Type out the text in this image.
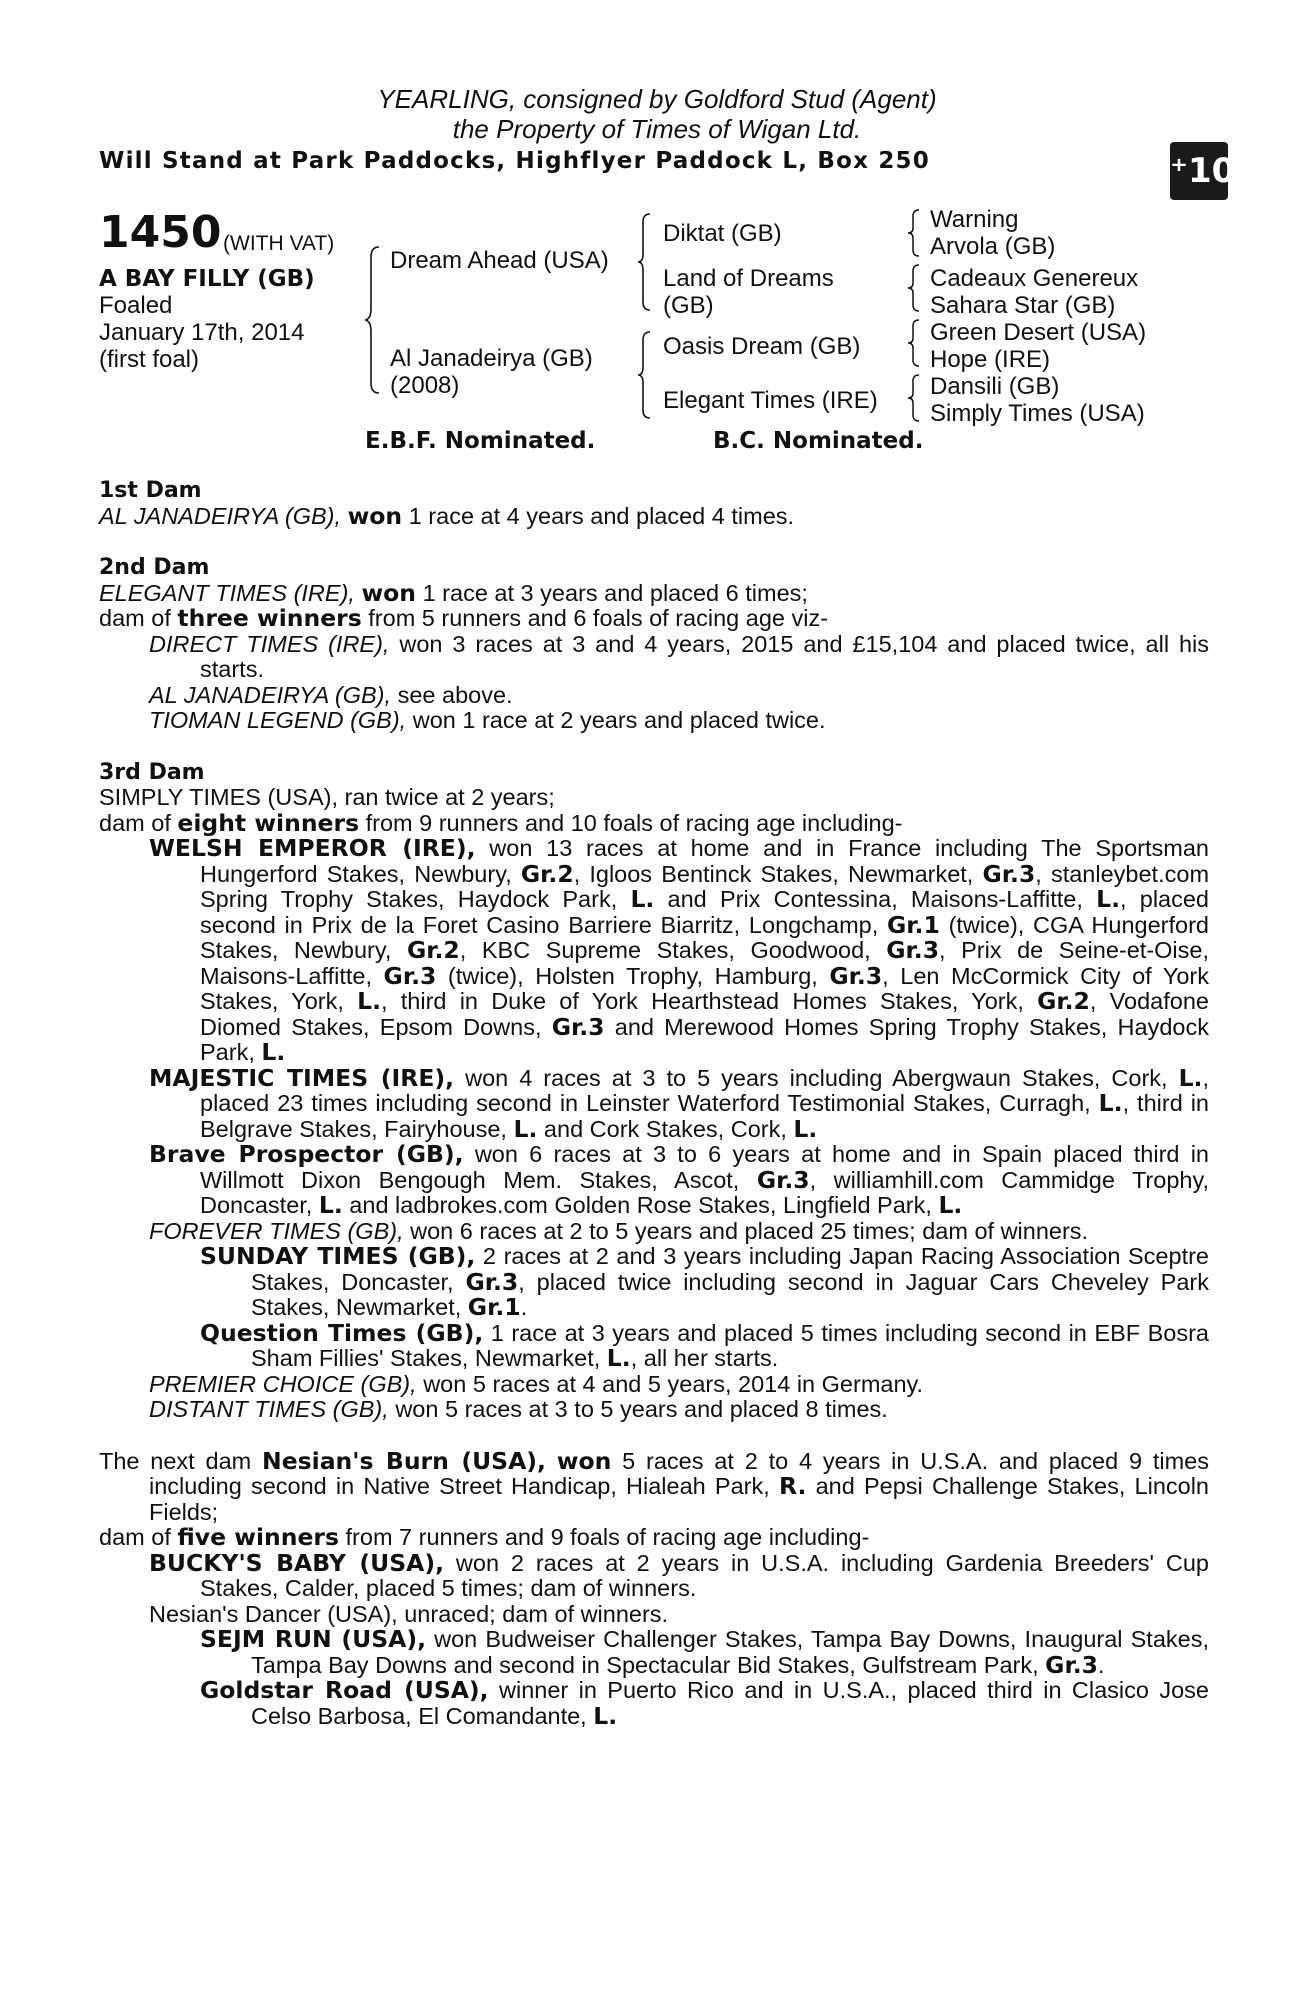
YEARLING, consigned by Goldford Stud (Agent)
the Property of Times of Wigan Ltd.
Will Stand at Park Paddocks, Highflyer Paddock L, Box 250	⁺10
1450 (WITH VAT)
A BAY FILLY (GB)
Foaled
January 17th, 2014
(first foal)
Dream Ahead (USA)
Al Janadeirya (GB)
(2008)
Diktat (GB)
Land of Dreams
(GB)
Oasis Dream (GB)
Elegant Times (IRE)
Warning
Arvola (GB)
Cadeaux Genereux
Sahara Star (GB)
Green Desert (USA)
Hope (IRE)
Dansili (GB)
Simply Times (USA)
E.B.F. Nominated.	B.C. Nominated.
1st Dam
AL JANADEIRYA (GB), won 1 race at 4 years and placed 4 times.
2nd Dam
ELEGANT TIMES (IRE), won 1 race at 3 years and placed 6 times;
dam of three winners from 5 runners and 6 foals of racing age viz-
DIRECT TIMES (IRE), won 3 races at 3 and 4 years, 2015 and £15,104 and placed twice, all his starts.
AL JANADEIRYA (GB), see above.
TIOMAN LEGEND (GB), won 1 race at 2 years and placed twice.
3rd Dam
SIMPLY TIMES (USA), ran twice at 2 years;
dam of eight winners from 9 runners and 10 foals of racing age including-
WELSH EMPEROR (IRE), won 13 races at home and in France including The Sportsman Hungerford Stakes, Newbury, Gr.2, Igloos Bentinck Stakes, Newmarket, Gr.3, stanleybet.com Spring Trophy Stakes, Haydock Park, L. and Prix Contessina, Maisons-Laffitte, L., placed second in Prix de la Foret Casino Barriere Biarritz, Longchamp, Gr.1 (twice), CGA Hungerford Stakes, Newbury, Gr.2, KBC Supreme Stakes, Goodwood, Gr.3, Prix de Seine-et-Oise, Maisons-Laffitte, Gr.3 (twice), Holsten Trophy, Hamburg, Gr.3, Len McCormick City of York Stakes, York, L., third in Duke of York Hearthstead Homes Stakes, York, Gr.2, Vodafone Diomed Stakes, Epsom Downs, Gr.3 and Merewood Homes Spring Trophy Stakes, Haydock Park, L.
MAJESTIC TIMES (IRE), won 4 races at 3 to 5 years including Abergwaun Stakes, Cork, L., placed 23 times including second in Leinster Waterford Testimonial Stakes, Curragh, L., third in Belgrave Stakes, Fairyhouse, L. and Cork Stakes, Cork, L.
Brave Prospector (GB), won 6 races at 3 to 6 years at home and in Spain placed third in Willmott Dixon Bengough Mem. Stakes, Ascot, Gr.3, williamhill.com Cammidge Trophy, Doncaster, L. and ladbrokes.com Golden Rose Stakes, Lingfield Park, L.
FOREVER TIMES (GB), won 6 races at 2 to 5 years and placed 25 times; dam of winners.
SUNDAY TIMES (GB), 2 races at 2 and 3 years including Japan Racing Association Sceptre Stakes, Doncaster, Gr.3, placed twice including second in Jaguar Cars Cheveley Park Stakes, Newmarket, Gr.1.
Question Times (GB), 1 race at 3 years and placed 5 times including second in EBF Bosra Sham Fillies' Stakes, Newmarket, L., all her starts.
PREMIER CHOICE (GB), won 5 races at 4 and 5 years, 2014 in Germany.
DISTANT TIMES (GB), won 5 races at 3 to 5 years and placed 8 times.
The next dam Nesian's Burn (USA), won 5 races at 2 to 4 years in U.S.A. and placed 9 times including second in Native Street Handicap, Hialeah Park, R. and Pepsi Challenge Stakes, Lincoln Fields;
dam of five winners from 7 runners and 9 foals of racing age including-
BUCKY'S BABY (USA), won 2 races at 2 years in U.S.A. including Gardenia Breeders' Cup Stakes, Calder, placed 5 times; dam of winners.
Nesian's Dancer (USA), unraced; dam of winners.
SEJM RUN (USA), won Budweiser Challenger Stakes, Tampa Bay Downs, Inaugural Stakes, Tampa Bay Downs and second in Spectacular Bid Stakes, Gulfstream Park, Gr.3.
Goldstar Road (USA), winner in Puerto Rico and in U.S.A., placed third in Clasico Jose Celso Barbosa, El Comandante, L.
